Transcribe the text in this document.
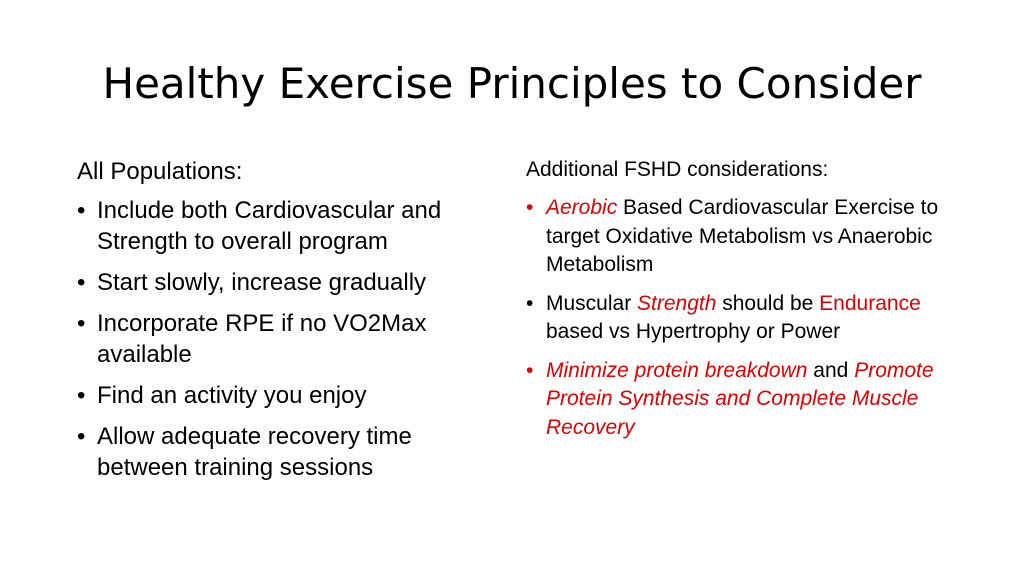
Healthy Exercise Principles to Consider
All Populations:
• Include both Cardiovascular and Strength to overall program
• Start slowly, increase gradually
• Incorporate RPE if no VO2Max available
• Find an activity you enjoy
• Allow adequate recovery time between training sessions
Additional FSHD considerations:
• Aerobic Based Cardiovascular Exercise to target Oxidative Metabolism vs Anaerobic Metabolism
• Muscular Strength should be Endurance based vs Hypertrophy or Power
• Minimize protein breakdown and Promote Protein Synthesis and Complete Muscle Recovery
